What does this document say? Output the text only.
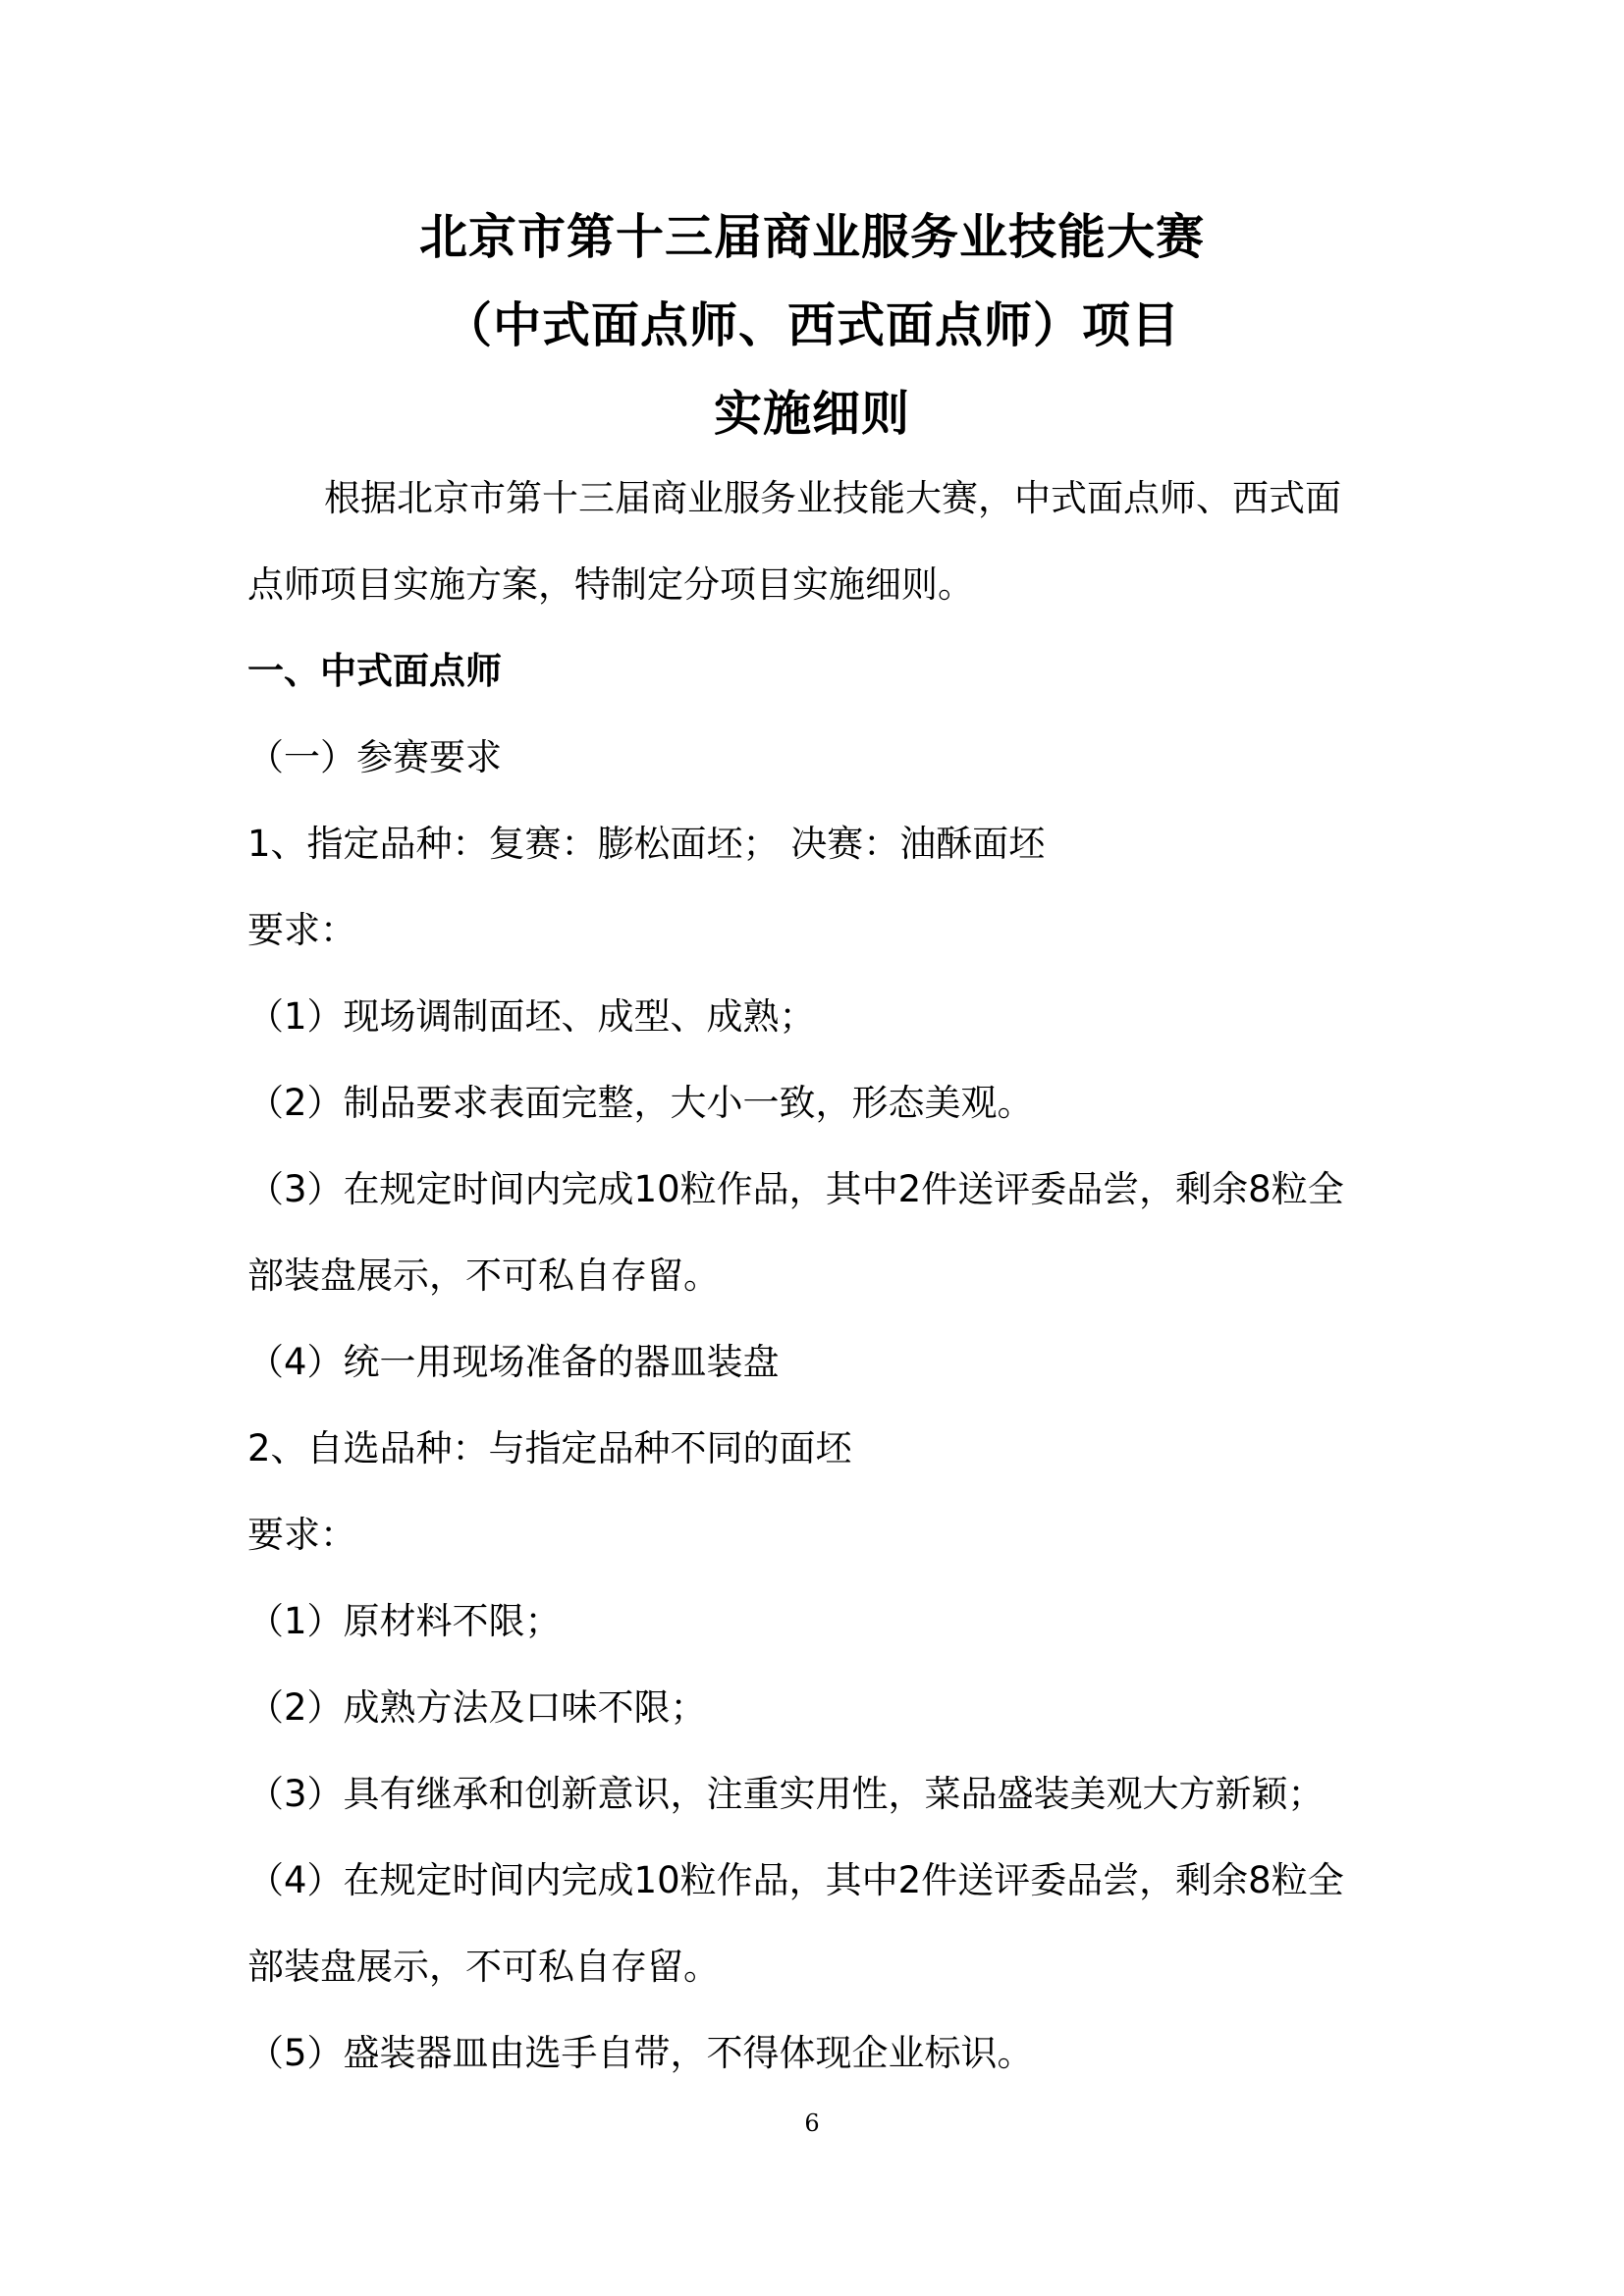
北京市第十三届商业服务业技能大赛
（中式面点师、西式面点师）项目
实施细则
根据北京市第十三届商业服务业技能大赛，中式面点师、西式面
点师项目实施方案，特制定分项目实施细则。
一、中式面点师
（一）参赛要求
1、指定品种：复赛：膨松面坯； 决赛：油酥面坯
要求：
（1）现场调制面坯、成型、成熟；
（2）制品要求表面完整，大小一致，形态美观。
（3）在规定时间内完成10粒作品，其中2件送评委品尝，剩余8粒全
部装盘展示，不可私自存留。
（4）统一用现场准备的器皿装盘
2、自选品种：与指定品种不同的面坯
要求：
（1）原材料不限；
（2）成熟方法及口味不限；
（3）具有继承和创新意识，注重实用性，菜品盛装美观大方新颖；
（4）在规定时间内完成10粒作品，其中2件送评委品尝，剩余8粒全
部装盘展示，不可私自存留。
（5）盛装器皿由选手自带，不得体现企业标识。
6
